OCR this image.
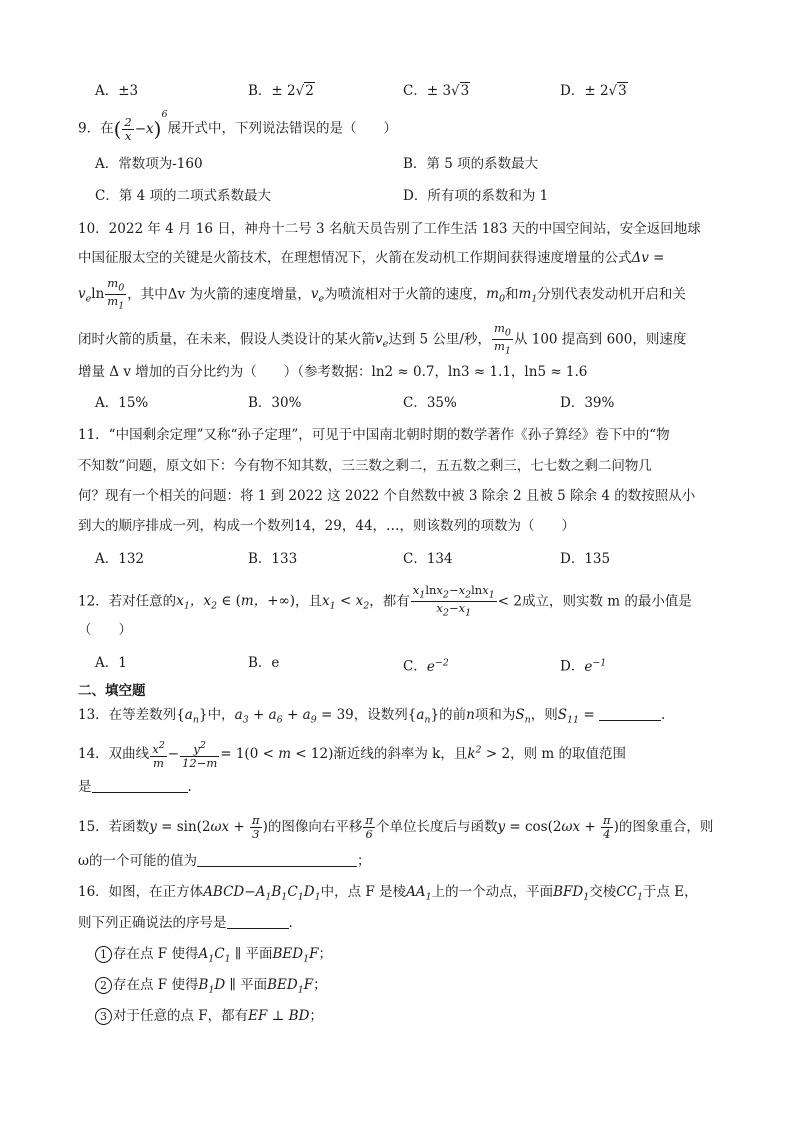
A．±3	B．± 2√2	C．± 3√3	D．± 2√3
9．在( $\frac{2}{x} -x)^6$展开式中，下列说法错误的是（　　）
A．常数项为-160	B．第 5 项的系数最大
C．第 4 项的二项式系数最大	D．所有项的系数和为 1
10．2022 年 4 月 16 日，神舟十二号 3 名航天员告别了工作生活 183 天的中国空间站，安全返回地球
中国征服太空的关键是火箭技术，在理想情况下，火箭在发动机工作期间获得速度增量的公式Δv =
$v_e\ln \frac{m_0}{m_1}$ ，其中Δv 为火箭的速度增量，$v_e$为喷流相对于火箭的速度，$m_0$和$m_1$分别代表发动机开启和关
闭时火箭的质量，在未来，假设人类设计的某火箭$v_e$达到 5 公里/秒， $\frac{m_0}{m_1}$ 从 100 提高到 600，则速度
增量 Δ v 增加的百分比约为（　　）（参考数据：ln2 ≈ 0.7，ln3 ≈ 1.1，ln5 ≈ 1.6
A．15%	B．30%	C．35%	D．39%
11．“中国剩余定理”又称“孙子定理”，可见于中国南北朝时期的数学著作《孙子算经》卷下中的“物
不知数”问题，原文如下：今有物不知其数，三三数之剩二，五五数之剩三，七七数之剩二问物几
何？现有一个相关的问题：将 1 到 2022 这 2022 个自然数中被 3 除余 2 且被 5 除余 4 的数按照从小
到大的顺序排成一列，构成一个数列14，29，44，…，则该数列的项数为（　　）
A．132	B．133	C．134	D．135
12．若对任意的$x_1$，$x_2$ ∈ (m，+∞)，且$x_1 < x_2$，都有 $\frac{x_1\ln x_2-x_2\ln x_1}{x_2-x_1} < 2$成立，则实数 m 的最小值是
（　　）
A．1	B．e	C．$e^{-2}$	D．$e^{-1}$
二、填空题
13．在等差数列$\{a_n\}$中，$a_3 + a_6 + a_9 = 39$，设数列$\{a_n\}$的前n项和为$S_n$，则$S_{11}$ =	.
14．双曲线 $\frac{x^2}{m} - \frac{y^2}{12-m} = 1(0 < m < 12)$渐近线的斜率为 k，且$k^2 > 2$，则 m 的取值范围
是	.
15．若函数$y = \sin(2\omega x + \frac{\pi}{3}$ )的图像向右平移 $\frac{\pi}{6}$ 个单位长度后与函数$y = \cos(2\omega x + \frac{\pi}{4}$ )的图象重合，则
ω的一个可能的值为	；
16．如图，在正方体$ABCD-A_1B_1C_1D_1$中，点 F 是棱$AA_1$上的一个动点，平面$BFD_1$交棱$CC_1$于点 E，
则下列正确说法的序号是	.
1 存在点 F 使得$A_1C_1$ ∥ 平面$BED_1F$；
2 存在点 F 使得$B_1D$ ∥ 平面$BED_1F$；
3 对于任意的点 F，都有EF ⊥ BD；
